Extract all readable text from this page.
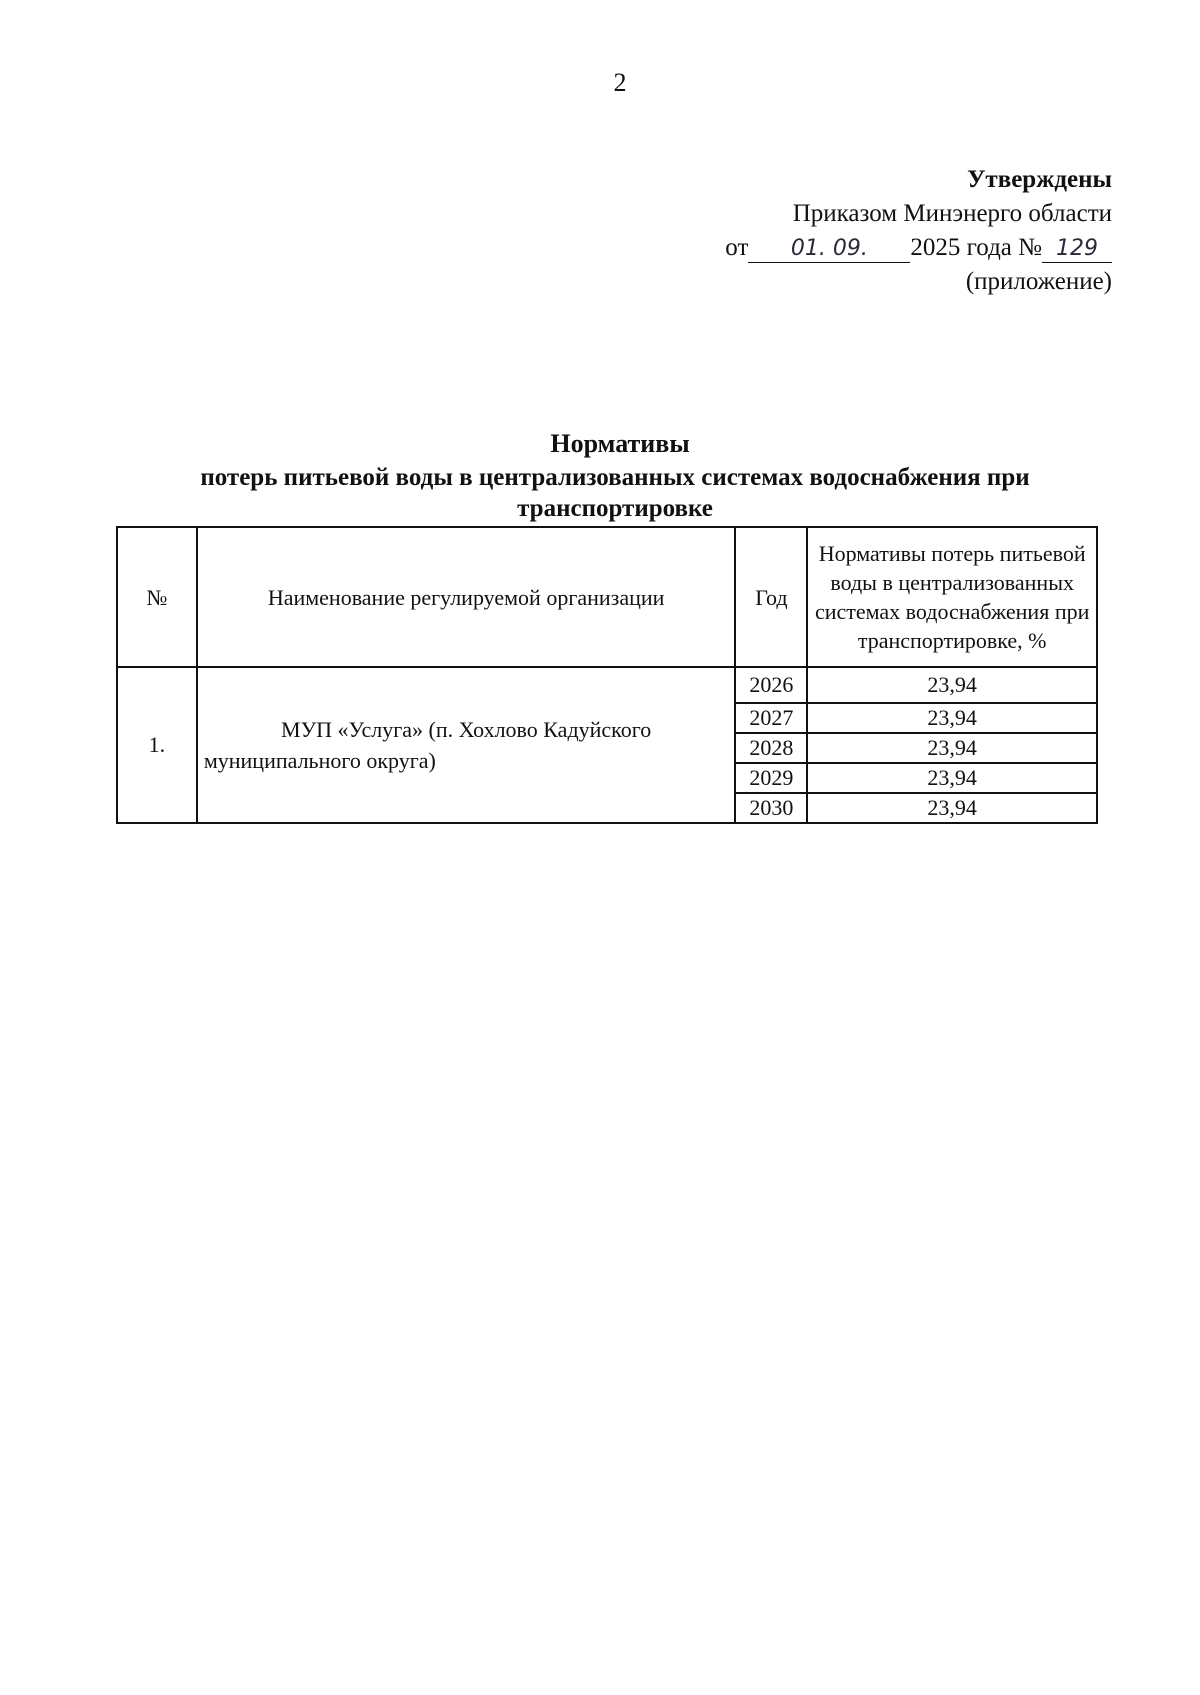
2
Утверждены
Приказом Минэнерго области
от 01. 09. 2025 года № 129
(приложение)
Нормативы
потерь питьевой воды в централизованных системах водоснабжения при транспортировке
№	Наименование регулируемой организации	Год	Нормативы потерь питьевой воды в централизованных системах водоснабжения при транспортировке, %
1.	МУП «Услуга» (п. Хохлово Кадуйского муниципального округа)	2026	23,94
		2027	23,94
		2028	23,94
		2029	23,94
		2030	23,94
